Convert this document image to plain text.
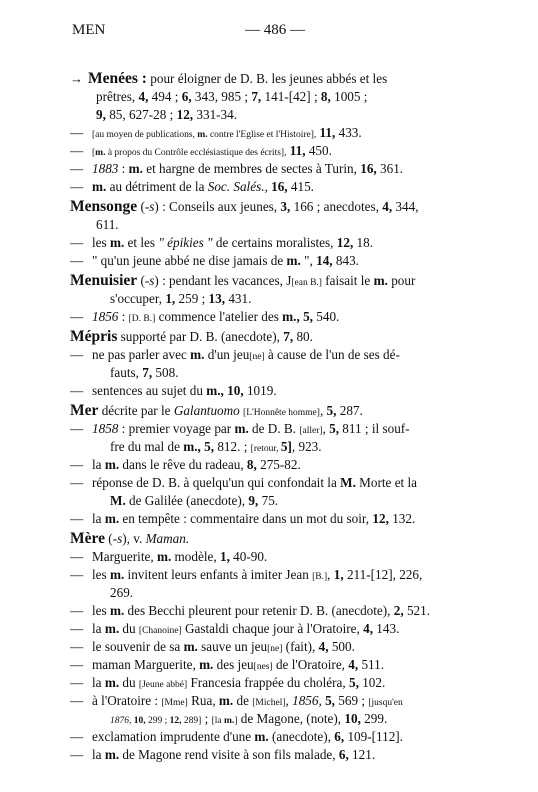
MEN	— 486 —
→ Menées : pour éloigner de D. B. les jeunes abbés et les
prêtres, 4, 494 ; 6, 343, 985 ; 7, 141-[42] ; 8, 1005 ;
9, 85, 627-28 ; 12, 331-34.
— [au moyen de publications, m. contre l'Eglise et l'Histoire], 11, 433.
— [m. à propos du Contrôle ecclésiastique des écrits], 11, 450.
— 1883 : m. et hargne de membres de sectes à Turin, 16, 361.
— m. au détriment de la Soc. Salés., 16, 415.
Mensonge (-s) : Conseils aux jeunes, 3, 166 ; anecdotes, 4, 344,
611.
— les m. et les " épikies " de certains moralistes, 12, 18.
— " qu'un jeune abbé ne dise jamais de m. ", 14, 843.
Menuisier (-s) : pendant les vacances, J[ean B.] faisait le m. pour
s'occuper, 1, 259 ; 13, 431.
— 1856 : [D. B.] commence l'atelier des m., 5, 540.
Mépris supporté par D. B. (anecdote), 7, 80.
— ne pas parler avec m. d'un jeu[ne] à cause de l'un de ses dé-
fauts, 7, 508.
— sentences au sujet du m., 10, 1019.
Mer décrite par le Galantuomo [L'Honnête homme], 5, 287.
— 1858 : premier voyage par m. de D. B. [aller], 5, 811 ; il souf-
fre du mal de m., 5, 812. ; [retour, 5], 923.
— la m. dans le rêve du radeau, 8, 275-82.
— réponse de D. B. à quelqu'un qui confondait la M. Morte et la
M. de Galilée (anecdote), 9, 75.
— la m. en tempête : commentaire dans un mot du soir, 12, 132.
Mère (-s), v. Maman.
— Marguerite, m. modèle, 1, 40-90.
— les m. invitent leurs enfants à imiter Jean [B.], 1, 211-[12], 226,
269.
— les m. des Becchi pleurent pour retenir D. B. (anecdote), 2, 521.
— la m. du [Chanoine] Gastaldi chaque jour à l'Oratoire, 4, 143.
— le souvenir de sa m. sauve un jeu[ne] (fait), 4, 500.
— maman Marguerite, m. des jeu[nes] de l'Oratoire, 4, 511.
— la m. du [Jeune abbé] Francesia frappée du choléra, 5, 102.
— à l'Oratoire : [Mme] Rua, m. de [Michel], 1856, 5, 569 ; [jusqu'en
1876, 10, 299 ; 12, 289] ; [la m.] de Magone, (note), 10, 299.
— exclamation imprudente d'une m. (anecdote), 6, 109-[112].
— la m. de Magone rend visite à son fils malade, 6, 121.
